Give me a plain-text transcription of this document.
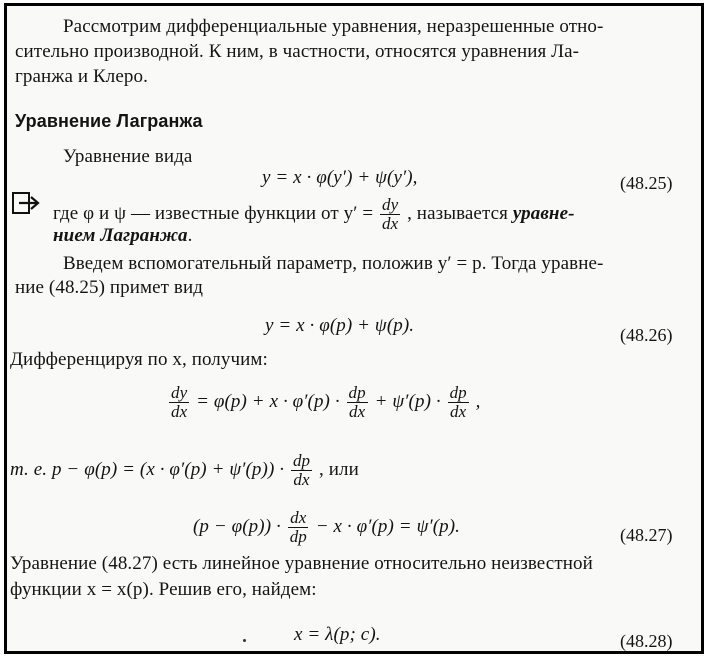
Рассмотрим дифференциальные уравнения, неразрешенные отно-
сительно производной. К ним, в частности, относятся уравнения Ла-
гранжа и Клеро.
Уравнение Лагранжа
Уравнение вида
y = x · φ(y′) + ψ(y′),	(48.25)
где φ и ψ — известные функции от $y' = \frac{dy}{dx}$ , называется уравне-
нием Лагранжа.
Введем вспомогательный параметр, положив y′ = p. Тогда уравне-
ние (48.25) примет вид
y = x · φ(p) + ψ(p).	(48.26)
Дифференцируя по x, получим:
$\frac{dy}{dx} = \varphi(p) + x \cdot \varphi'(p) \cdot \frac{dp}{dx} + \psi'(p) \cdot \frac{dp}{dx}$ ,
т. е. $p - \varphi(p) = (x \cdot \varphi'(p) + \psi'(p)) \cdot \frac{dp}{dx}$ , или
$(p - \varphi(p)) \cdot \frac{dx}{dp} - x \cdot \varphi'(p) = \psi'(p)$.	(48.27)
Уравнение (48.27) есть линейное уравнение относительно неизвестной
функции x = x(p). Решив его, найдем:
x = λ(p; c).	(48.28)
